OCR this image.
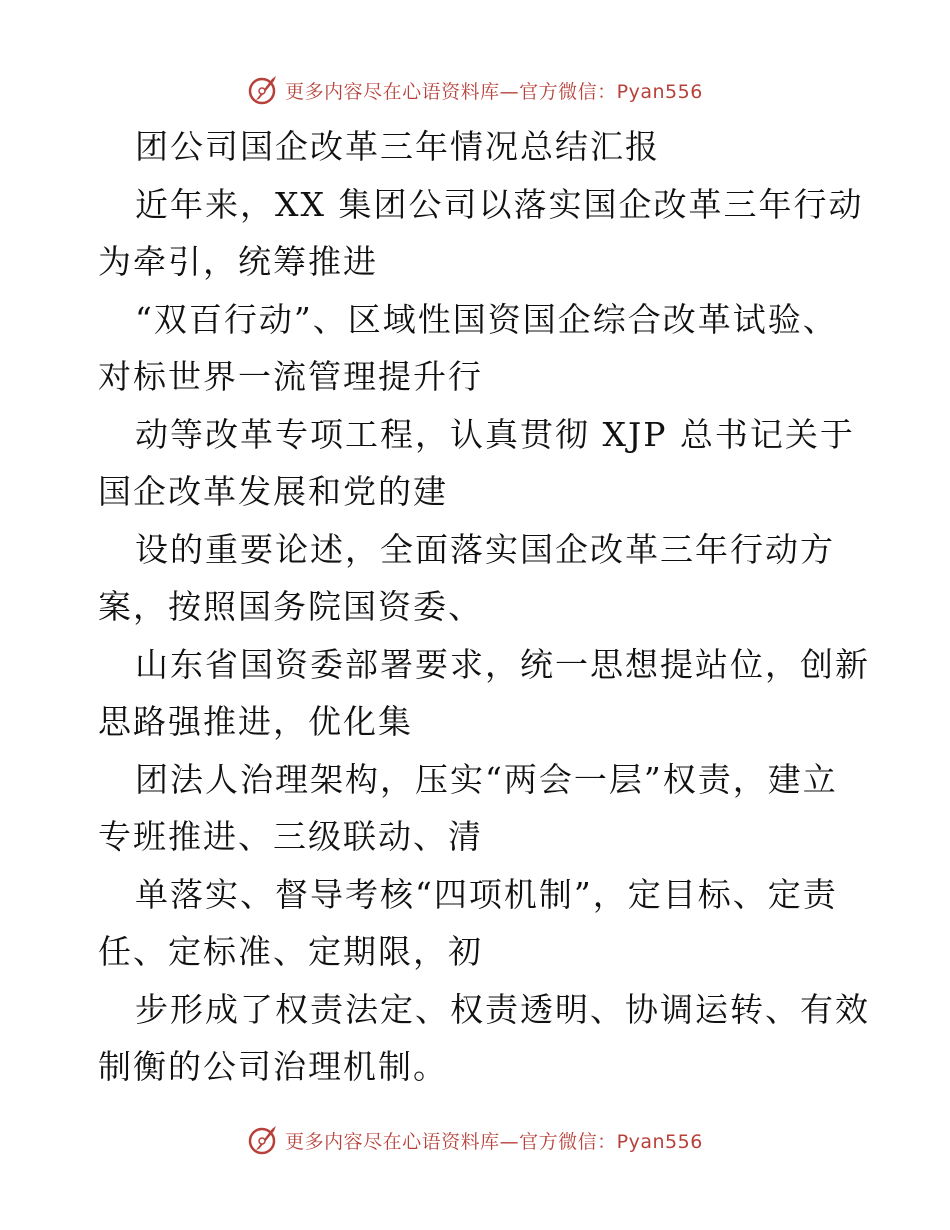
更多内容尽在心语资料库—官方微信：Pyan556
团公司国企改革三年情况总结汇报
近年来，XX 集团公司以落实国企改革三年行动
为牵引，统筹推进
“双百行动”、区域性国资国企综合改革试验、
对标世界一流管理提升行
动等改革专项工程，认真贯彻 XJP 总书记关于
国企改革发展和党的建
设的重要论述，全面落实国企改革三年行动方
案，按照国务院国资委、
山东省国资委部署要求，统一思想提站位，创新
思路强推进，优化集
团法人治理架构，压实“两会一层”权责，建立
专班推进、三级联动、清
单落实、督导考核“四项机制”，定目标、定责
任、定标准、定期限，初
步形成了权责法定、权责透明、协调运转、有效
制衡的公司治理机制。
更多内容尽在心语资料库—官方微信：Pyan556
